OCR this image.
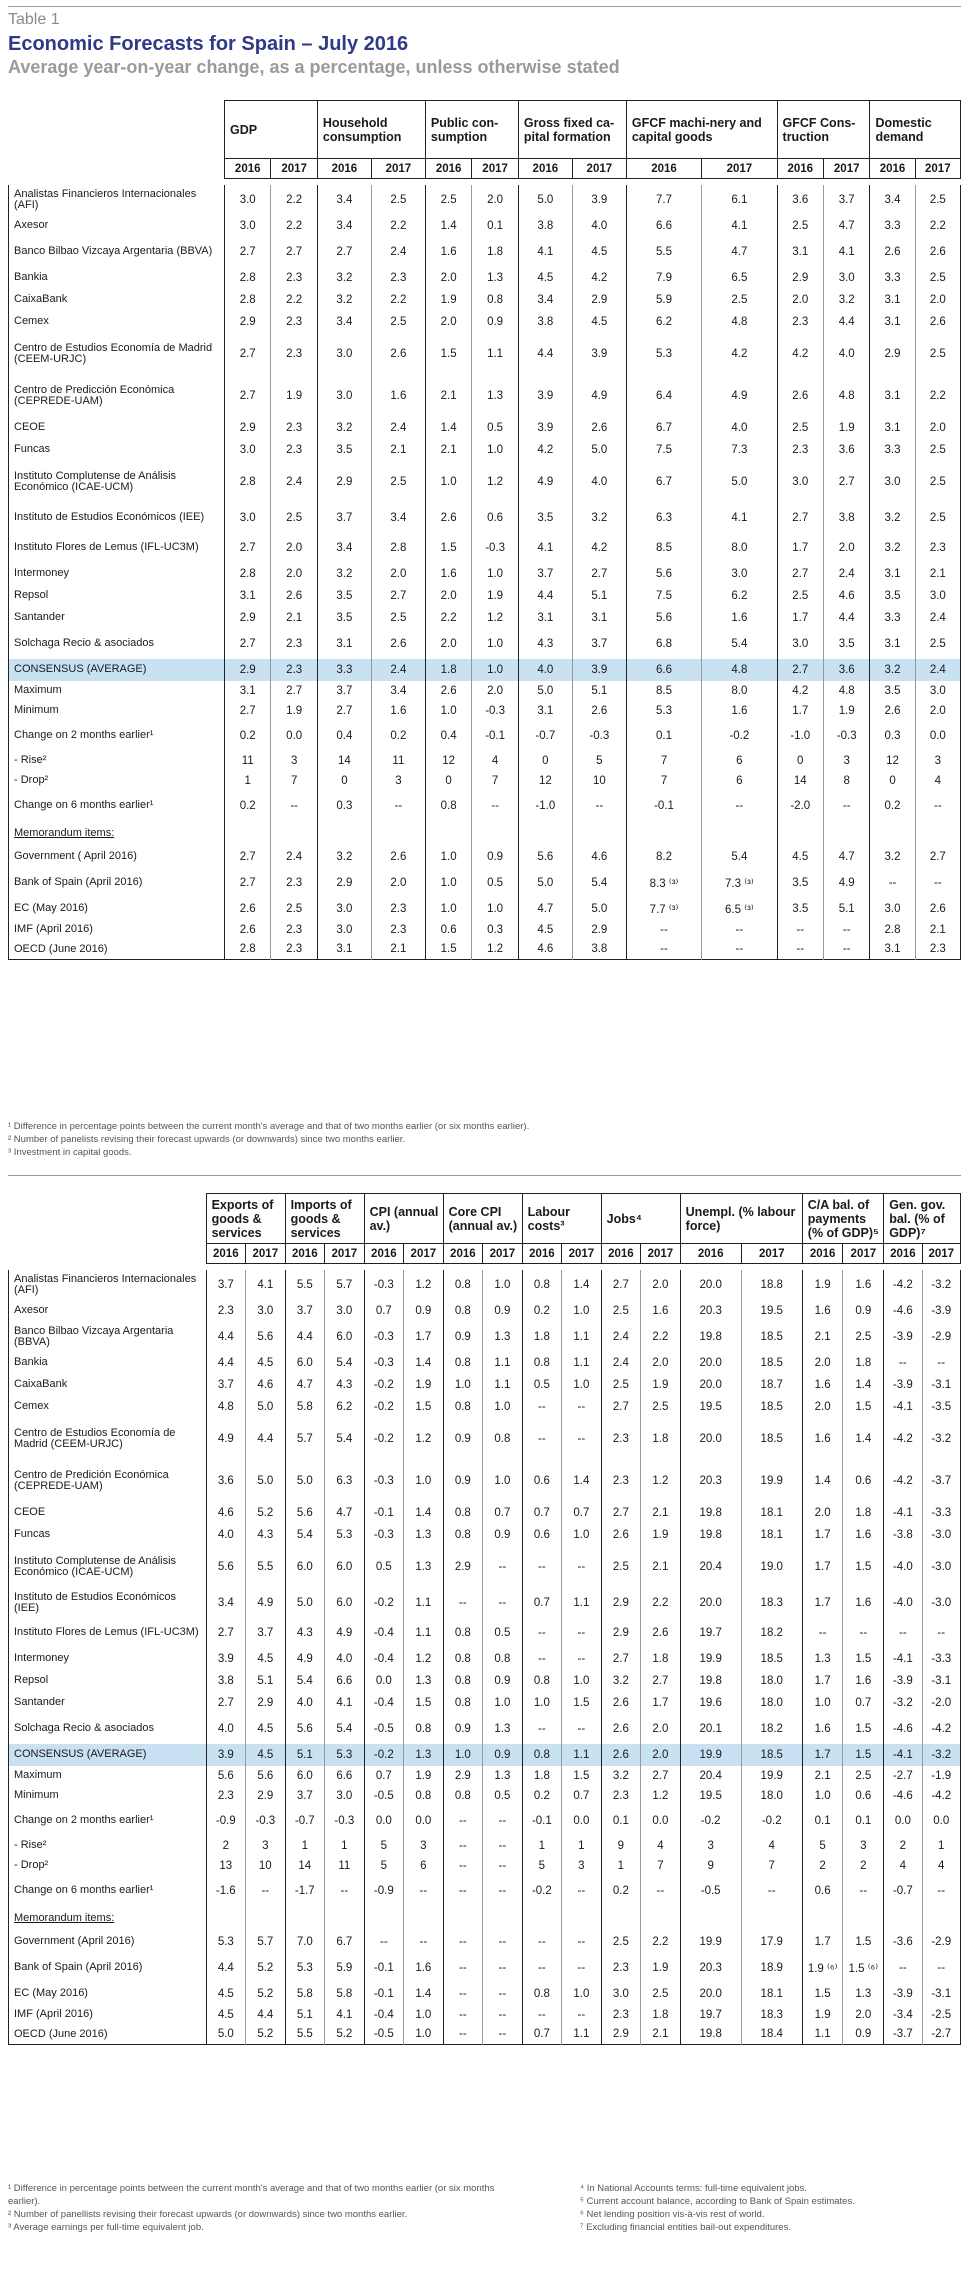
Table 1
Economic Forecasts for Spain – July 2016
Average year-on-year change, as a percentage, unless otherwise stated
	GDP		Household consumption		Public con-sumption		Gross fixed ca-pital formation		GFCF machi-nery and capital goods		GFCF Cons-truction		Domestic demand	
	2016	2017	2016	2017	2016	2017	2016	2017	2016	2017	2016	2017	2016	2017

Analistas Financieros Internacionales (AFI)	3.0	2.2	3.4	2.5	2.5	2.0	5.0	3.9	7.7	6.1	3.6	3.7	3.4	2.5
Axesor	3.0	2.2	3.4	2.2	1.4	0.1	3.8	4.0	6.6	4.1	2.5	4.7	3.3	2.2
Banco Bilbao Vizcaya Argentaria (BBVA)	2.7	2.7	2.7	2.4	1.6	1.8	4.1	4.5	5.5	4.7	3.1	4.1	2.6	2.6
Bankia	2.8	2.3	3.2	2.3	2.0	1.3	4.5	4.2	7.9	6.5	2.9	3.0	3.3	2.5
CaixaBank	2.8	2.2	3.2	2.2	1.9	0.8	3.4	2.9	5.9	2.5	2.0	3.2	3.1	2.0
Cemex	2.9	2.3	3.4	2.5	2.0	0.9	3.8	4.5	6.2	4.8	2.3	4.4	3.1	2.6
Centro de Estudios Economía de Madrid (CEEM-URJC)	2.7	2.3	3.0	2.6	1.5	1.1	4.4	3.9	5.3	4.2	4.2	4.0	2.9	2.5
Centro de Predicción Económica (CEPREDE-UAM)	2.7	1.9	3.0	1.6	2.1	1.3	3.9	4.9	6.4	4.9	2.6	4.8	3.1	2.2
CEOE	2.9	2.3	3.2	2.4	1.4	0.5	3.9	2.6	6.7	4.0	2.5	1.9	3.1	2.0
Funcas	3.0	2.3	3.5	2.1	2.1	1.0	4.2	5.0	7.5	7.3	2.3	3.6	3.3	2.5
Instituto Complutense de Análisis Económico (ICAE-UCM)	2.8	2.4	2.9	2.5	1.0	1.2	4.9	4.0	6.7	5.0	3.0	2.7	3.0	2.5
Instituto de Estudios Económicos (IEE)	3.0	2.5	3.7	3.4	2.6	0.6	3.5	3.2	6.3	4.1	2.7	3.8	3.2	2.5
Instituto Flores de Lemus (IFL-UC3M)	2.7	2.0	3.4	2.8	1.5	-0.3	4.1	4.2	8.5	8.0	1.7	2.0	3.2	2.3
Intermoney	2.8	2.0	3.2	2.0	1.6	1.0	3.7	2.7	5.6	3.0	2.7	2.4	3.1	2.1
Repsol	3.1	2.6	3.5	2.7	2.0	1.9	4.4	5.1	7.5	6.2	2.5	4.6	3.5	3.0
Santander	2.9	2.1	3.5	2.5	2.2	1.2	3.1	3.1	5.6	1.6	1.7	4.4	3.3	2.4
Solchaga Recio & asociados	2.7	2.3	3.1	2.6	2.0	1.0	4.3	3.7	6.8	5.4	3.0	3.5	3.1	2.5
CONSENSUS (AVERAGE)	2.9	2.3	3.3	2.4	1.8	1.0	4.0	3.9	6.6	4.8	2.7	3.6	3.2	2.4
Maximum	3.1	2.7	3.7	3.4	2.6	2.0	5.0	5.1	8.5	8.0	4.2	4.8	3.5	3.0
Minimum	2.7	1.9	2.7	1.6	1.0	-0.3	3.1	2.6	5.3	1.6	1.7	1.9	2.6	2.0
Change on 2 months earlier¹	0.2	0.0	0.4	0.2	0.4	-0.1	-0.7	-0.3	0.1	-0.2	-1.0	-0.3	0.3	0.0
- Rise²	11	3	14	11	12	4	0	5	7	6	0	3	12	3
- Drop²	1	7	0	3	0	7	12	10	7	6	14	8	0	4
Change on 6 months earlier¹	0.2	--	0.3	--	0.8	--	-1.0	--	-0.1	--	-2.0	--	0.2	--
Memorandum items:														
Government ( April 2016)	2.7	2.4	3.2	2.6	1.0	0.9	5.6	4.6	8.2	5.4	4.5	4.7	3.2	2.7
Bank of Spain (April 2016)	2.7	2.3	2.9	2.0	1.0	0.5	5.0	5.4	8.3 ⁽³⁾	7.3 ⁽³⁾	3.5	4.9	--	--
EC (May 2016)	2.6	2.5	3.0	2.3	1.0	1.0	4.7	5.0	7.7 ⁽³⁾	6.5 ⁽³⁾	3.5	5.1	3.0	2.6
IMF (April 2016)	2.6	2.3	3.0	2.3	0.6	0.3	4.5	2.9	--	--	--	--	2.8	2.1
OECD (June 2016)	2.8	2.3	3.1	2.1	1.5	1.2	4.6	3.8	--	--	--	--	3.1	2.3
¹ Difference in percentage points between the current month's average and that of two months earlier (or six months earlier).
² Number of panelists revising their forecast upwards (or downwards) since two months earlier.
³ Investment in capital goods.
	Exports of goods & services		Imports of goods & services		CPI (annual av.)		Core CPI (annual av.)		Labour costs³		Jobs⁴		Unempl. (% labour force)		C/A bal. of payments (% of GDP)⁵		Gen. gov. bal. (% of GDP)⁷	
	2016	2017	2016	2017	2016	2017	2016	2017	2016	2017	2016	2017	2016	2017	2016	2017	2016	2017

Analistas Financieros Internacionales (AFI)	3.7	4.1	5.5	5.7	-0.3	1.2	0.8	1.0	0.8	1.4	2.7	2.0	20.0	18.8	1.9	1.6	-4.2	-3.2
Axesor	2.3	3.0	3.7	3.0	0.7	0.9	0.8	0.9	0.2	1.0	2.5	1.6	20.3	19.5	1.6	0.9	-4.6	-3.9
Banco Bilbao Vizcaya Argentaria (BBVA)	4.4	5.6	4.4	6.0	-0.3	1.7	0.9	1.3	1.8	1.1	2.4	2.2	19.8	18.5	2.1	2.5	-3.9	-2.9
Bankia	4.4	4.5	6.0	5.4	-0.3	1.4	0.8	1.1	0.8	1.1	2.4	2.0	20.0	18.5	2.0	1.8	--	--
CaixaBank	3.7	4.6	4.7	4.3	-0.2	1.9	1.0	1.1	0.5	1.0	2.5	1.9	20.0	18.7	1.6	1.4	-3.9	-3.1
Cemex	4.8	5.0	5.8	6.2	-0.2	1.5	0.8	1.0	--	--	2.7	2.5	19.5	18.5	2.0	1.5	-4.1	-3.5
Centro de Estudios Economía de Madrid (CEEM-URJC)	4.9	4.4	5.7	5.4	-0.2	1.2	0.9	0.8	--	--	2.3	1.8	20.0	18.5	1.6	1.4	-4.2	-3.2
Centro de Predición Económica (CEPREDE-UAM)	3.6	5.0	5.0	6.3	-0.3	1.0	0.9	1.0	0.6	1.4	2.3	1.2	20.3	19.9	1.4	0.6	-4.2	-3.7
CEOE	4.6	5.2	5.6	4.7	-0.1	1.4	0.8	0.7	0.7	0.7	2.7	2.1	19.8	18.1	2.0	1.8	-4.1	-3.3
Funcas	4.0	4.3	5.4	5.3	-0.3	1.3	0.8	0.9	0.6	1.0	2.6	1.9	19.8	18.1	1.7	1.6	-3.8	-3.0
Instituto Complutense de Análisis Económico (ICAE-UCM)	5.6	5.5	6.0	6.0	0.5	1.3	2.9	--	--	--	2.5	2.1	20.4	19.0	1.7	1.5	-4.0	-3.0
Instituto de Estudios Económicos (IEE)	3.4	4.9	5.0	6.0	-0.2	1.1	--	--	0.7	1.1	2.9	2.2	20.0	18.3	1.7	1.6	-4.0	-3.0
Instituto Flores de Lemus (IFL-UC3M)	2.7	3.7	4.3	4.9	-0.4	1.1	0.8	0.5	--	--	2.9	2.6	19.7	18.2	--	--	--	--
Intermoney	3.9	4.5	4.9	4.0	-0.4	1.2	0.8	0.8	--	--	2.7	1.8	19.9	18.5	1.3	1.5	-4.1	-3.3
Repsol	3.8	5.1	5.4	6.6	0.0	1.3	0.8	0.9	0.8	1.0	3.2	2.7	19.8	18.0	1.7	1.6	-3.9	-3.1
Santander	2.7	2.9	4.0	4.1	-0.4	1.5	0.8	1.0	1.0	1.5	2.6	1.7	19.6	18.0	1.0	0.7	-3.2	-2.0
Solchaga Recio & asociados	4.0	4.5	5.6	5.4	-0.5	0.8	0.9	1.3	--	--	2.6	2.0	20.1	18.2	1.6	1.5	-4.6	-4.2
CONSENSUS (AVERAGE)	3.9	4.5	5.1	5.3	-0.2	1.3	1.0	0.9	0.8	1.1	2.6	2.0	19.9	18.5	1.7	1.5	-4.1	-3.2
Maximum	5.6	5.6	6.0	6.6	0.7	1.9	2.9	1.3	1.8	1.5	3.2	2.7	20.4	19.9	2.1	2.5	-2.7	-1.9
Minimum	2.3	2.9	3.7	3.0	-0.5	0.8	0.8	0.5	0.2	0.7	2.3	1.2	19.5	18.0	1.0	0.6	-4.6	-4.2
Change on 2 months earlier¹	-0.9	-0.3	-0.7	-0.3	0.0	0.0	--	--	-0.1	0.0	0.1	0.0	-0.2	-0.2	0.1	0.1	0.0	0.0
- Rise²	2	3	1	1	5	3	--	--	1	1	9	4	3	4	5	3	2	1
- Drop²	13	10	14	11	5	6	--	--	5	3	1	7	9	7	2	2	4	4
Change on 6 months earlier¹	-1.6	--	-1.7	--	-0.9	--	--	--	-0.2	--	0.2	--	-0.5	--	0.6	--	-0.7	--
Memorandum items:																		
Government (April 2016)	5.3	5.7	7.0	6.7	--	--	--	--	--	--	2.5	2.2	19.9	17.9	1.7	1.5	-3.6	-2.9
Bank of Spain (April 2016)	4.4	5.2	5.3	5.9	-0.1	1.6	--	--	--	--	2.3	1.9	20.3	18.9	1.9 ⁽⁶⁾	1.5 ⁽⁶⁾	--	--
EC (May 2016)	4.5	5.2	5.8	5.8	-0.1	1.4	--	--	0.8	1.0	3.0	2.5	20.0	18.1	1.5	1.3	-3.9	-3.1
IMF (April 2016)	4.5	4.4	5.1	4.1	-0.4	1.0	--	--	--	--	2.3	1.8	19.7	18.3	1.9	2.0	-3.4	-2.5
OECD (June 2016)	5.0	5.2	5.5	5.2	-0.5	1.0	--	--	0.7	1.1	2.9	2.1	19.8	18.4	1.1	0.9	-3.7	-2.7
¹ Difference in percentage points between the current month's average and that of two months earlier (or six months earlier).
² Number of panellists revising their forecast upwards (or downwards) since two months earlier.
³ Average earnings per full-time equivalent job.
⁴ In National Accounts terms: full-time equivalent jobs.
⁵ Current account balance, according to Bank of Spain estimates.
⁶ Net lending position vis-à-vis rest of world.
⁷ Excluding financial entities bail-out expenditures.
